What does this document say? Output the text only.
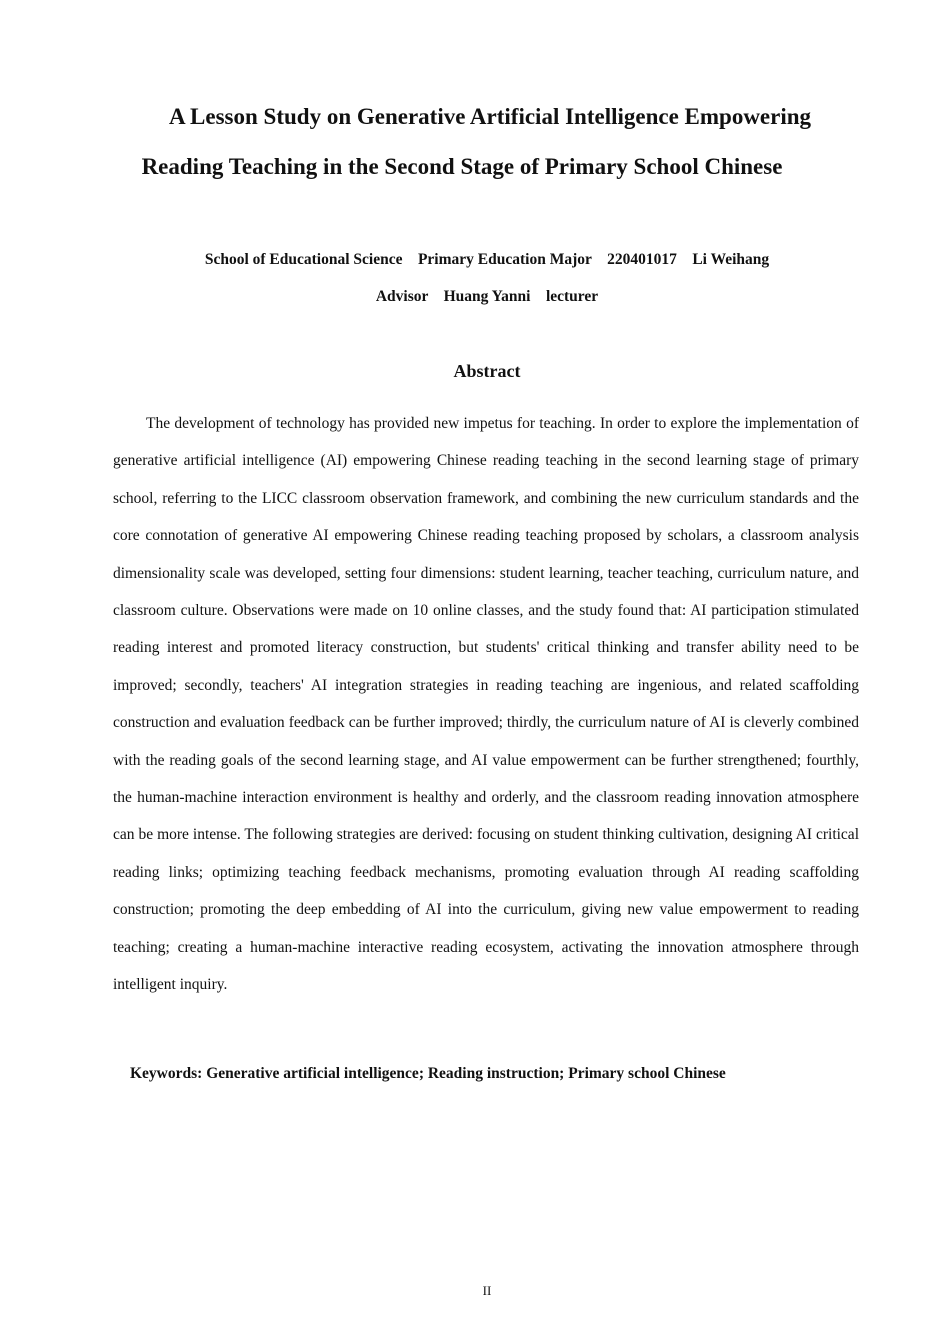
A Lesson Study on Generative Artificial Intelligence Empowering
Reading Teaching in the Second Stage of Primary School Chinese

School of Educational Science    Primary Education Major    220401017    Li Weihang

Advisor    Huang Yanni    lecturer

Abstract

The development of technology has provided new impetus for teaching. In order to explore the implementation of generative artificial intelligence (AI) empowering Chinese reading teaching in the second learning stage of primary school, referring to the LICC classroom observation framework, and combining the new curriculum standards and the core connotation of generative AI empowering Chinese reading teaching proposed by scholars, a classroom analysis dimensionality scale was developed, setting four dimensions: student learning, teacher teaching, curriculum nature, and classroom culture. Observations were made on 10 online classes, and the study found that: AI participation stimulated reading interest and promoted literacy construction, but students' critical thinking and transfer ability need to be improved; secondly, teachers' AI integration strategies in reading teaching are ingenious, and related scaffolding construction and evaluation feedback can be further improved; thirdly, the curriculum nature of AI is cleverly combined with the reading goals of the second learning stage, and AI value empowerment can be further strengthened; fourthly, the human-machine interaction environment is healthy and orderly, and the classroom reading innovation atmosphere can be more intense. The following strategies are derived: focusing on student thinking cultivation, designing AI critical reading links; optimizing teaching feedback mechanisms, promoting evaluation through AI reading scaffolding construction; promoting the deep embedding of AI into the curriculum, giving new value empowerment to reading teaching; creating a human-machine interactive reading ecosystem, activating the innovation atmosphere through intelligent inquiry.

Keywords: Generative artificial intelligence; Reading instruction; Primary school Chinese

II
